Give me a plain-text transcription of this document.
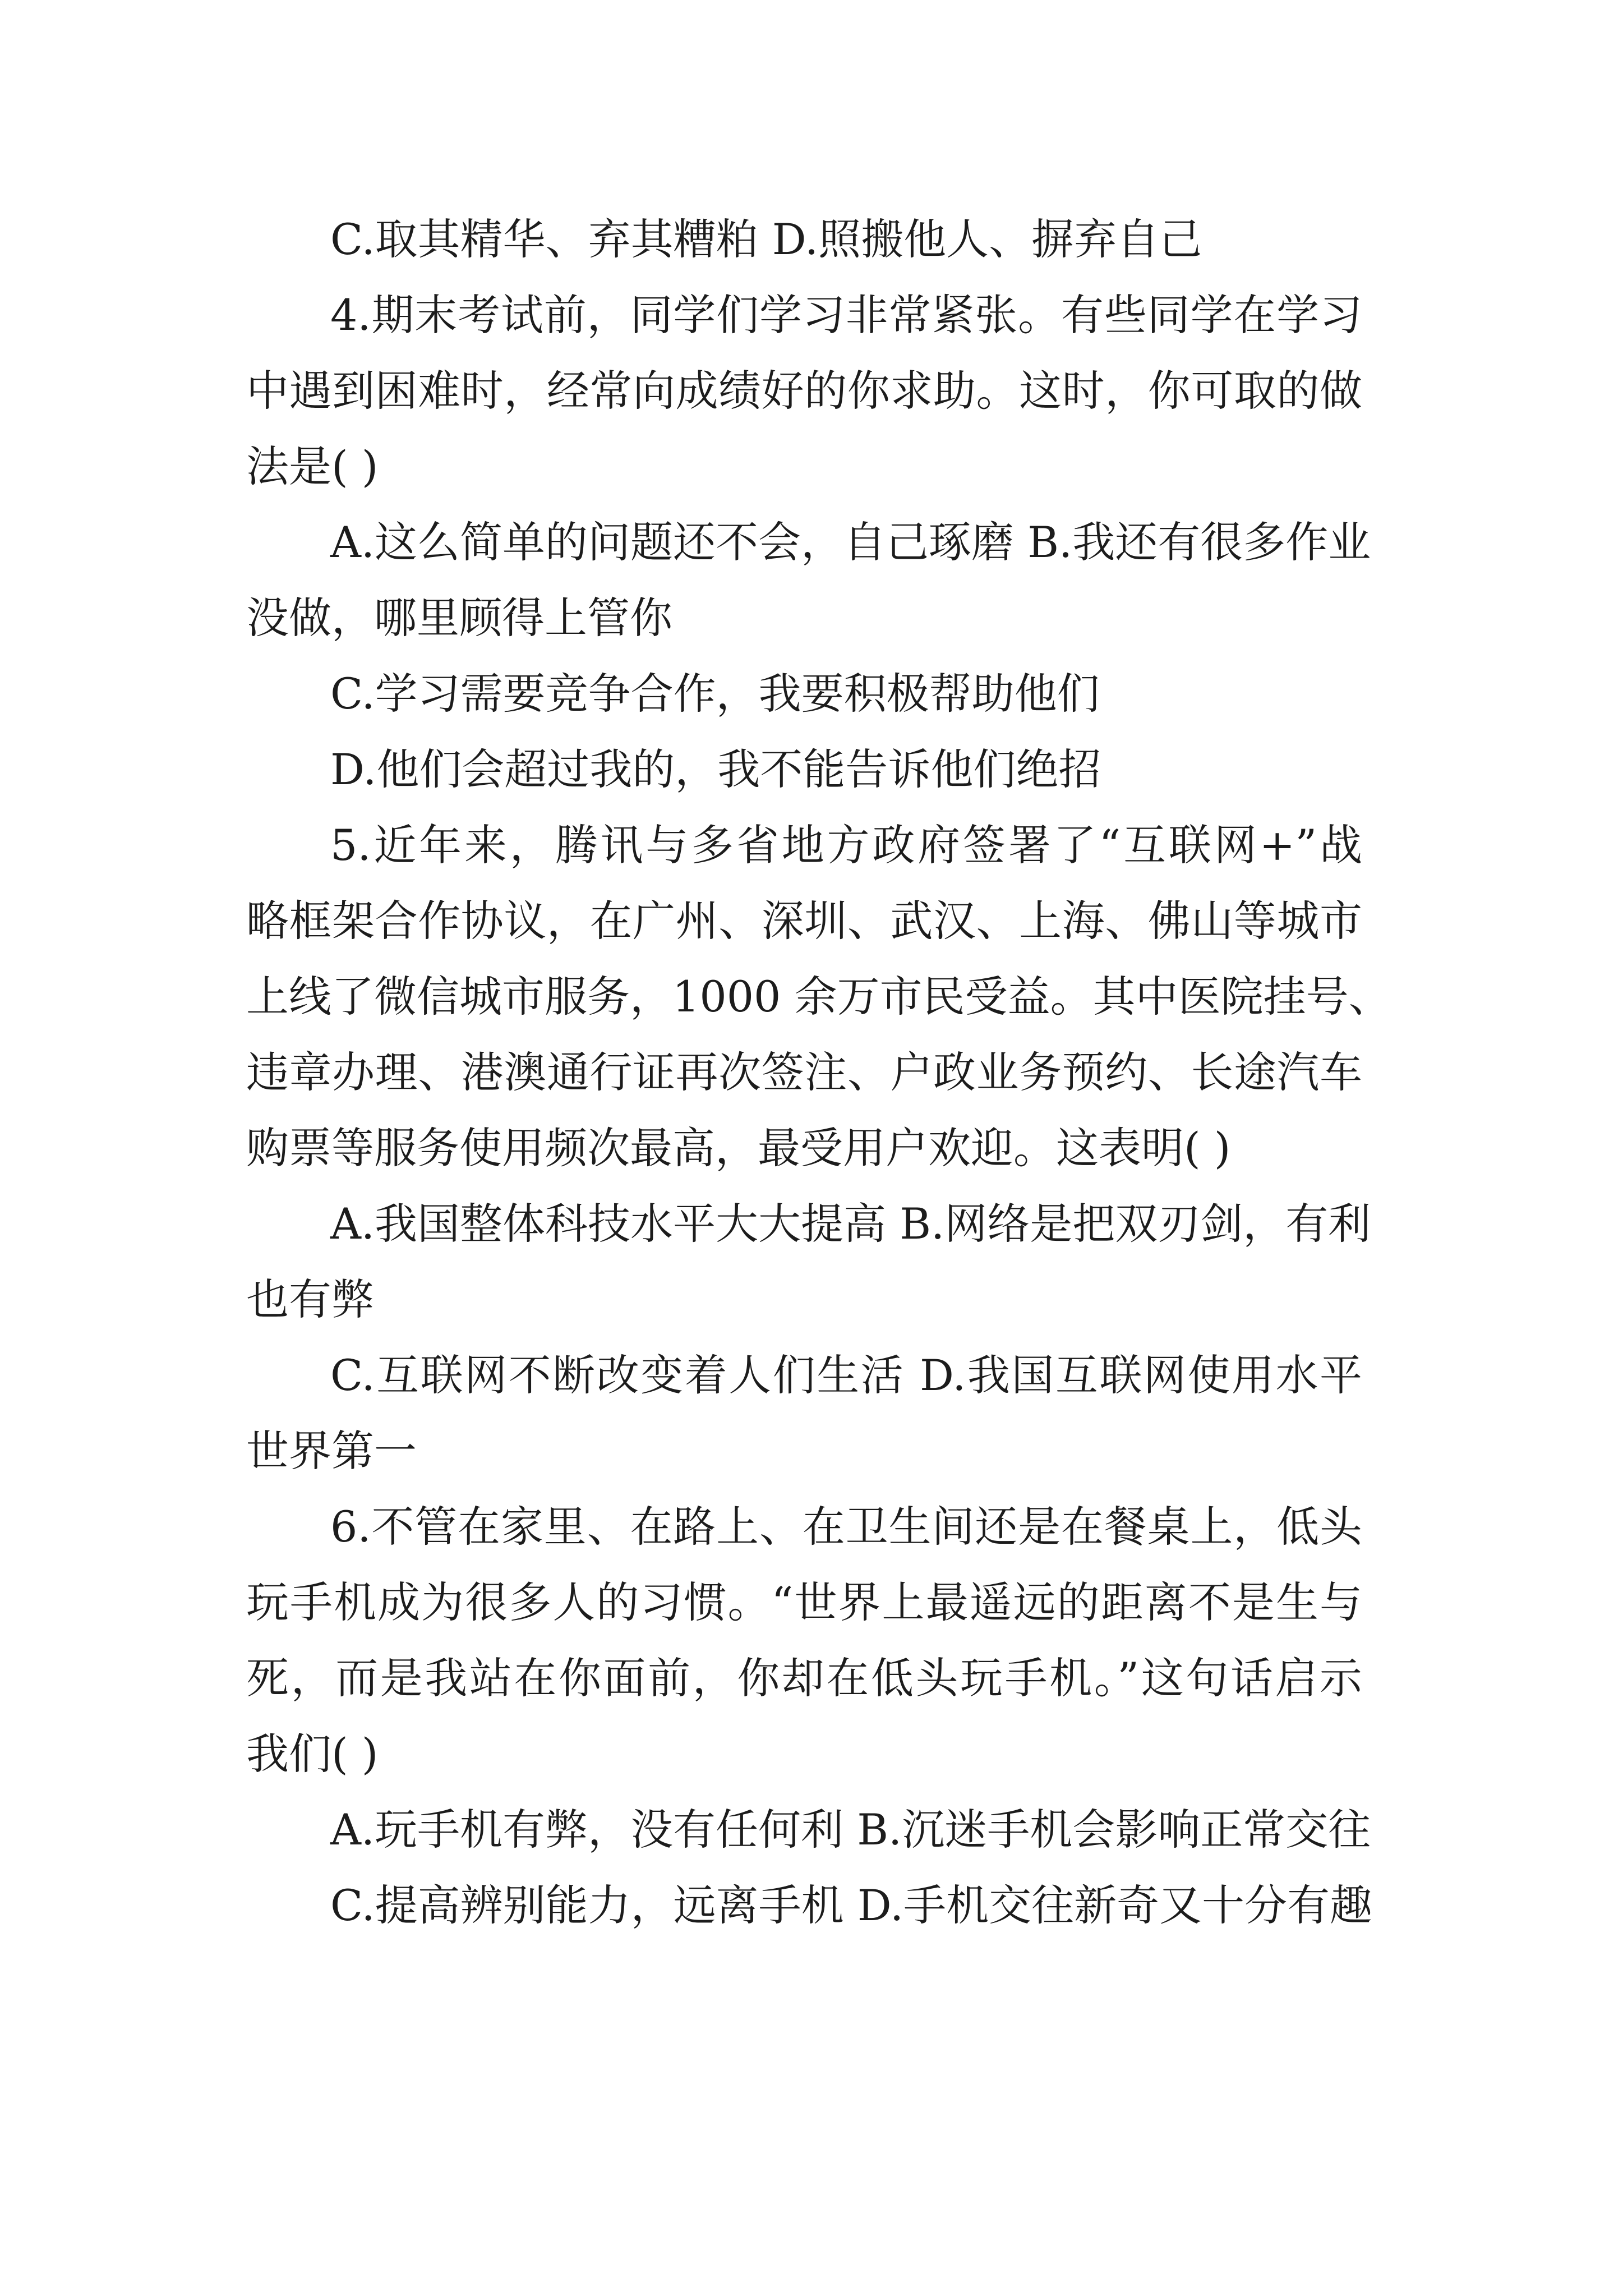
C.取其精华、弃其糟粕 D.照搬他人、摒弃自己
4.期末考试前，同学们学习非常紧张。有些同学在学习
中遇到困难时，经常向成绩好的你求助。这时，你可取的做
法是( )
A.这么简单的问题还不会，自己琢磨 B.我还有很多作业
没做，哪里顾得上管你
C.学习需要竞争合作，我要积极帮助他们
D.他们会超过我的，我不能告诉他们绝招
5.近年来，腾讯与多省地方政府签署了“互联网+”战
略框架合作协议，在广州、深圳、武汉、上海、佛山等城市
上线了微信城市服务，1000 余万市民受益。其中医院挂号、
违章办理、港澳通行证再次签注、户政业务预约、长途汽车
购票等服务使用频次最高，最受用户欢迎。这表明( )
A.我国整体科技水平大大提高 B.网络是把双刃剑，有利
也有弊
C.互联网不断改变着人们生活 D.我国互联网使用水平
世界第一
6.不管在家里、在路上、在卫生间还是在餐桌上，低头
玩手机成为很多人的习惯。“世界上最遥远的距离不是生与
死，而是我站在你面前，你却在低头玩手机。”这句话启示
我们( )
A.玩手机有弊，没有任何利 B.沉迷手机会影响正常交往
C.提高辨别能力，远离手机 D.手机交往新奇又十分有趣
